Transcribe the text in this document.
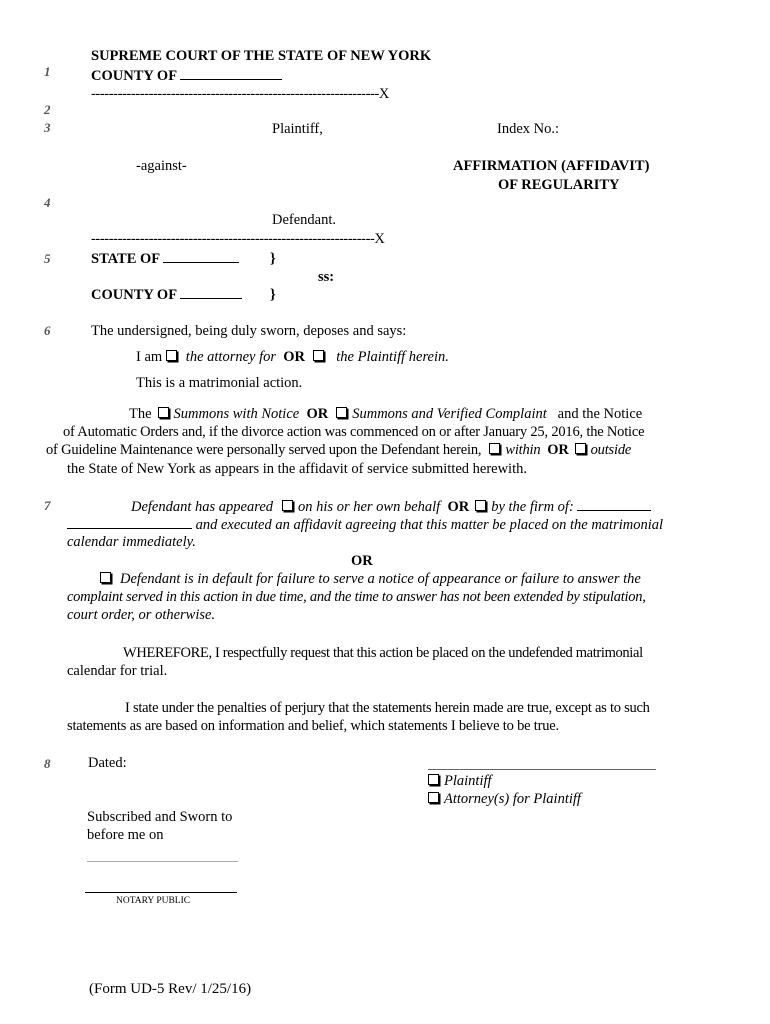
1
2
3
4
5
6
7
8
SUPREME COURT OF THE STATE OF NEW YORK
COUNTY OF
-----------------------------------------------------------------X
Plaintiff,	Index No.:
-against-	AFFIRMATION (AFFIDAVIT)
OF REGULARITY
Defendant.
----------------------------------------------------------------X
STATE OF	}
ss:
COUNTY OF	}
The undersigned, being duly sworn, deposes and says:
I am the attorney for OR the Plaintiff herein.
This is a matrimonial action.
The Summons with Notice OR Summons and Verified Complaint and the Notice
of Automatic Orders and, if the divorce action was commenced on or after January 25, 2016, the Notice
of Guideline Maintenance were personally served upon the Defendant herein, within OR outside
the State of New York as appears in the affidavit of service submitted herewith.
Defendant has appeared on his or her own behalf OR by the firm of:
and executed an affidavit agreeing that this matter be placed on the matrimonial
calendar immediately.
OR
Defendant is in default for failure to serve a notice of appearance or failure to answer the
complaint served in this action in due time, and the time to answer has not been extended by stipulation,
court order, or otherwise.
WHEREFORE, I respectfully request that this action be placed on the undefended matrimonial
calendar for trial.
I state under the penalties of perjury that the statements herein made are true, except as to such
statements as are based on information and belief, which statements I believe to be true.
Dated:
Plaintiff
Attorney(s) for Plaintiff
Subscribed and Sworn to
before me on
NOTARY PUBLIC
(Form UD-5 Rev/ 1/25/16)
